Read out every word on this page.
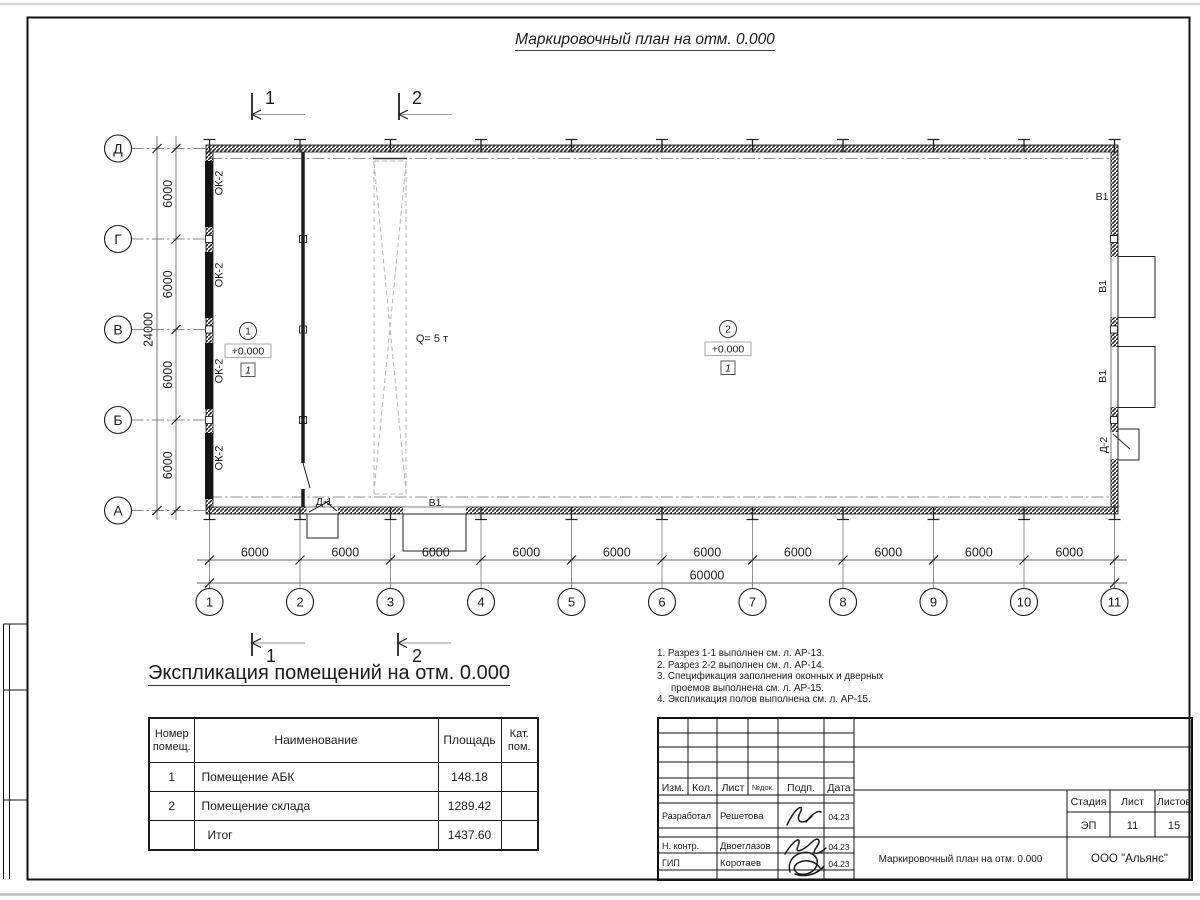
Д
Г
В
Б
А
1	2	3	4	5	6	7	8	9	10	11
6000
6000
6000
6000
24000
6000	6000	6000	6000	6000	6000	6000	6000	6000	6000
60000
ОК-2
ОК-2
ОК-2
ОК-2
В1
В1
В1
Д-2
Д-1	В1
Q= 5 т
1
+0.000
1
2
+0.000
1
1	2
1	2
Изм. Кол. Лист №док. Подп. Дата
Разработал Решетова	04.23
Н. контр. Двоеглазов	04.23
ГИП	Коротаев	04.23
Стадия Лист Листов
ЭП	11	15
Маркировочный план на отм. 0.000	ООО "Альянс"
Маркировочный план на отм. 0.000
Экспликация помещений на отм. 0.000
Номер
помещ.	Наименование	Площадь	Кат.
пом.

1	Помещение АБК	148.18	
2	Помещение склада	1289.42	
	Итог	1437.60	
1. Разрез 1-1 выполнен см. л. АР-13.
2. Разрез 2-2 выполнен см. л. АР-14.
3. Спецификация заполнения оконных и дверных
проемов выполнена см. л. АР-15.
4. Экспликация полов выполнена см. л. АР-15.
